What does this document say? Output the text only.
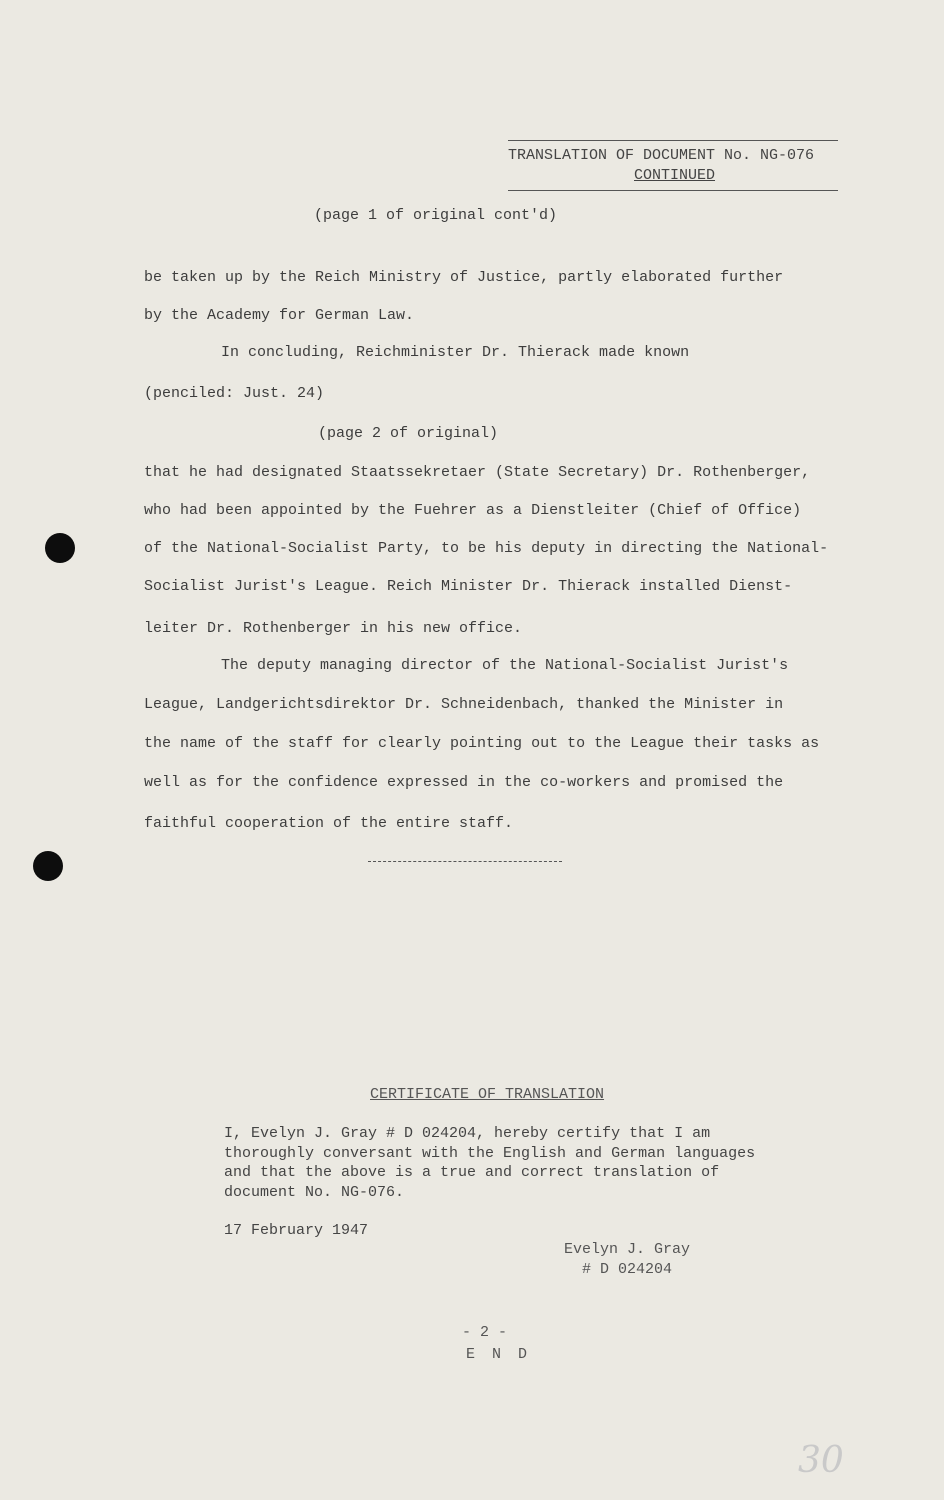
TRANSLATION OF DOCUMENT No. NG-076
CONTINUED
(page 1 of original cont'd)
be taken up by the Reich Ministry of Justice, partly elaborated further
by the Academy for German Law.
In concluding, Reichminister Dr. Thierack made known
(penciled: Just. 24)
(page 2 of original)
that he had designated Staatssekretaer (State Secretary) Dr. Rothenberger,
who had been appointed by the Fuehrer as a Dienstleiter (Chief of Office)
of the National-Socialist Party, to be his deputy in directing the National-
Socialist Jurist's League. Reich Minister Dr. Thierack installed Dienst-
leiter Dr. Rothenberger in his new office.
The deputy managing director of the National-Socialist Jurist's
League, Landgerichtsdirektor Dr. Schneidenbach, thanked the Minister in
the name of the staff for clearly pointing out to the League their tasks as
well as for the confidence expressed in the co-workers and promised the
faithful cooperation of the entire staff.
CERTIFICATE OF TRANSLATION
I, Evelyn J. Gray # D 024204, hereby certify that I am
thoroughly conversant with the English and German languages
and that the above is a true and correct translation of
document No. NG-076.
17 February 1947
Evelyn J. Gray
# D 024204
- 2 -
E N D
30
